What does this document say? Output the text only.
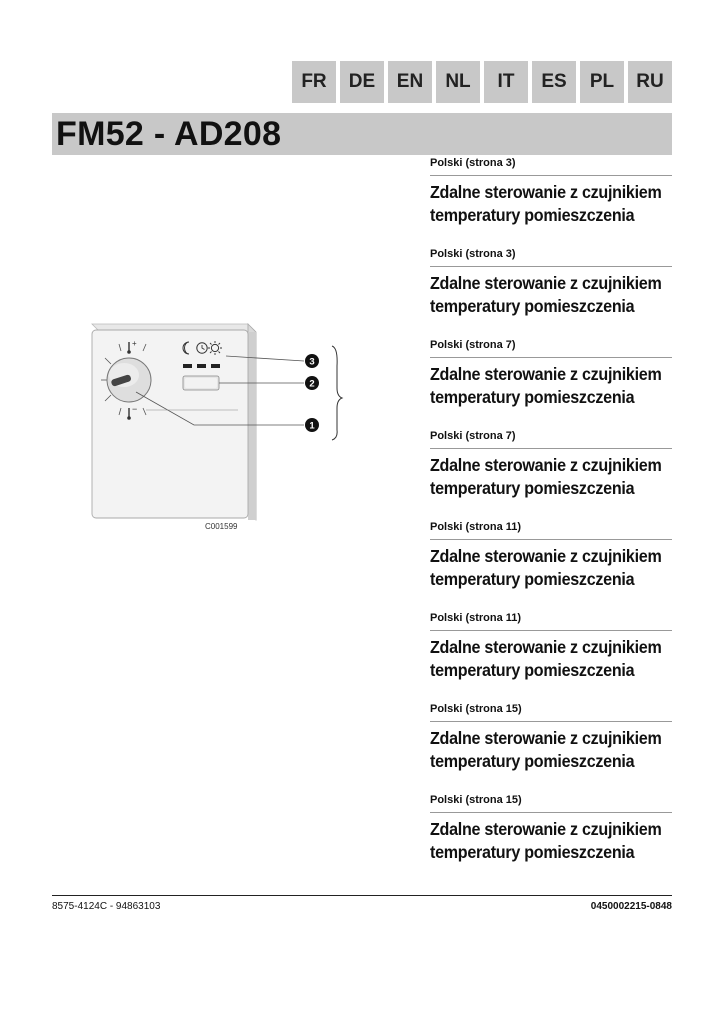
FR	DE	EN	NL	IT	ES	PL	RU
FM52 - AD208
Polski (strona 3)
Zdalne sterowanie z czujnikiem
temperatury pomieszczenia
Polski (strona 3)
Zdalne sterowanie z czujnikiem
temperatury pomieszczenia
Polski (strona 7)
Zdalne sterowanie z czujnikiem
temperatury pomieszczenia
Polski (strona 7)
Zdalne sterowanie z czujnikiem
temperatury pomieszczenia
Polski (strona 11)
Zdalne sterowanie z czujnikiem
temperatury pomieszczenia
Polski (strona 11)
Zdalne sterowanie z czujnikiem
temperatury pomieszczenia
Polski (strona 15)
Zdalne sterowanie z czujnikiem
temperatury pomieszczenia
Polski (strona 15)
Zdalne sterowanie z czujnikiem
temperatury pomieszczenia
+
−
3
2
1
C001599
8575-4124C - 94863103	0450002215-0848
